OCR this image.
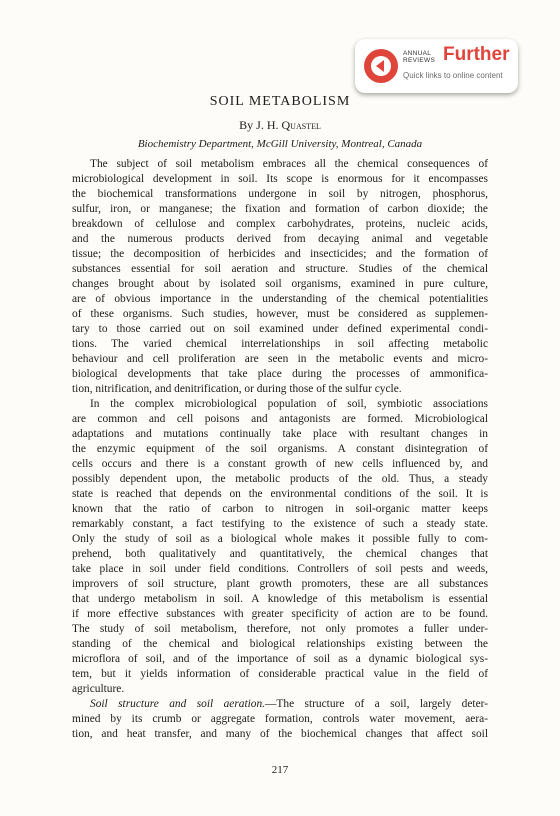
ANNUAL
REVIEWS Further
Quick links to online content
SOIL METABOLISM
By J. H. Quastel
Biochemistry Department, McGill University, Montreal, Canada
The subject of soil metabolism embraces all the chemical consequences of
microbiological development in soil. Its scope is enormous for it encompasses
the biochemical transformations undergone in soil by nitrogen, phosphorus,
sulfur, iron, or manganese; the fixation and formation of carbon dioxide; the
breakdown of cellulose and complex carbohydrates, proteins, nucleic acids,
and the numerous products derived from decaying animal and vegetable
tissue; the decomposition of herbicides and insecticides; and the formation of
substances essential for soil aeration and structure. Studies of the chemical
changes brought about by isolated soil organisms, examined in pure culture,
are of obvious importance in the understanding of the chemical potentialities
of these organisms. Such studies, however, must be considered as supplemen-
tary to those carried out on soil examined under defined experimental condi-
tions. The varied chemical interrelationships in soil affecting metabolic
behaviour and cell proliferation are seen in the metabolic events and micro-
biological developments that take place during the processes of ammonifica-
tion, nitrification, and denitrification, or during those of the sulfur cycle.
In the complex microbiological population of soil, symbiotic associations
are common and cell poisons and antagonists are formed. Microbiological
adaptations and mutations continually take place with resultant changes in
the enzymic equipment of the soil organisms. A constant disintegration of
cells occurs and there is a constant growth of new cells influenced by, and
possibly dependent upon, the metabolic products of the old. Thus, a steady
state is reached that depends on the environmental conditions of the soil. It is
known that the ratio of carbon to nitrogen in soil-organic matter keeps
remarkably constant, a fact testifying to the existence of such a steady state.
Only the study of soil as a biological whole makes it possible fully to com-
prehend, both qualitatively and quantitatively, the chemical changes that
take place in soil under field conditions. Controllers of soil pests and weeds,
improvers of soil structure, plant growth promoters, these are all substances
that undergo metabolism in soil. A knowledge of this metabolism is essential
if more effective substances with greater specificity of action are to be found.
The study of soil metabolism, therefore, not only promotes a fuller under-
standing of the chemical and biological relationships existing between the
microflora of soil, and of the importance of soil as a dynamic biological sys-
tem, but it yields information of considerable practical value in the field of
agriculture.
Soil structure and soil aeration.—The structure of a soil, largely deter-
mined by its crumb or aggregate formation, controls water movement, aera-
tion, and heat transfer, and many of the biochemical changes that affect soil
217
